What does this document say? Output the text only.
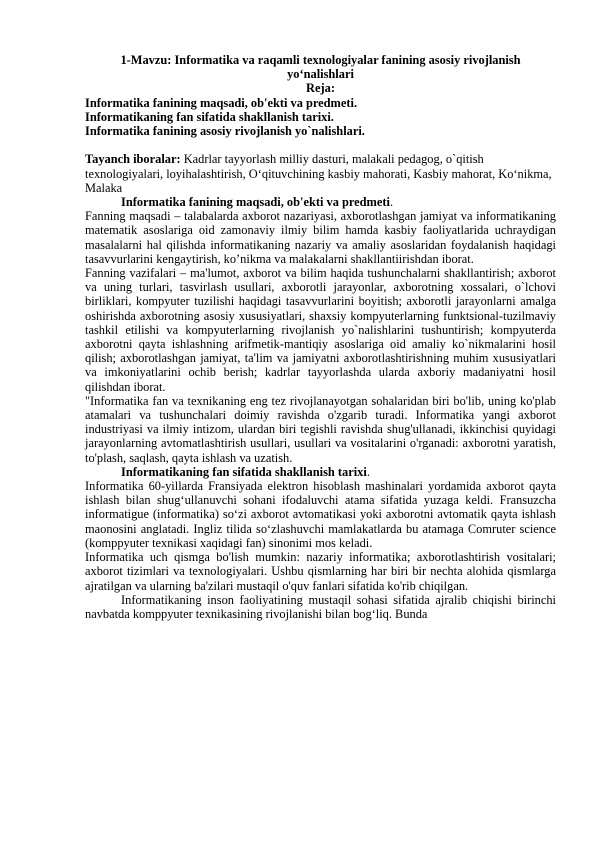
1-Mavzu: Informatika va raqamli texnologiyalar fanining asosiy rivojlanish
yo‘nalishlari
Reja:
Informatika fanining maqsadi, ob'ekti va predmeti.
Informatikaning fan sifatida shakllanish tarixi.
Informatika fanining asosiy rivojlanish yo`nalishlari.

Tayanch iboralar: Kadrlar tayyorlash milliy dasturi, malakali pedagog, o`qitish texnologiyalari, loyihalashtirish, O‘qituvchining kasbiy mahorati, Kasbiy mahorat, Ko‘nikma, Malaka

Informatika fanining maqsadi, ob'ekti va predmeti.

Fanning maqsadi – talabalarda axborot nazariyasi, axborotlashgan jamiyat va informatikaning matematik asoslariga oid zamonaviy ilmiy bilim hamda kasbiy faoliyatlarida uchraydigan masalalarni hal qilishda informatikaning nazariy va amaliy asoslaridan foydalanish haqidagi tasavvurlarini kengaytirish, ko’nikma va malakalarni shakllantiirishdan iborat.

Fanning vazifalari – ma'lumot, axborot va bilim haqida tushunchalarni shakllantirish; axborot va uning turlari, tasvirlash usullari, axborotli jarayonlar, axborotning xossalari, o`lchovi birliklari, kompyuter tuzilishi haqidagi tasavvurlarini boyitish; axborotli jarayonlarni amalga oshirishda axborotning asosiy xususiyatlari, shaxsiy kompyuterlarning funktsional-tuzilmaviy tashkil etilishi va kompyuterlarning rivojlanish yo`nalishlarini tushuntirish; kompyuterda axborotni qayta ishlashning arifmetik-mantiqiy asoslariga oid amaliy ko`nikmalarini hosil qilish; axborotlashgan jamiyat, ta'lim va jamiyatni axborotlashtirishning muhim xususiyatlari va imkoniyatlarini ochib berish; kadrlar tayyorlashda ularda axboriy madaniyatni hosil qilishdan iborat.

"Informatika fan va texnikaning eng tez rivojlanayotgan sohalaridan biri bo'lib, uning ko'plab atamalari va tushunchalari doimiy ravishda o'zgarib turadi. Informatika yangi axborot industriyasi va ilmiy intizom, ulardan biri tegishli ravishda shug'ullanadi, ikkinchisi quyidagi jarayonlarning avtomatlashtirish usullari, usullari va vositalarini o'rganadi: axborotni yaratish, to'plash, saqlash, qayta ishlash va uzatish.

Informatikaning fan sifatida shakllanish tarixi.

Informatika 60-yillarda Fransiyada elektron hisoblash mashinalari yordamida axborot qayta ishlash bilan shug‘ullanuvchi sohani ifodaluvchi atama sifatida yuzaga keldi. Fransuzcha informatigue (informatika) so‘zi axborot avtomatikasi yoki axborotni avtomatik qayta ishlash maonosini anglatadi. Ingliz tilida so‘zlashuvchi mamlakatlarda bu atamaga Comruter science (komppyuter texnikasi xaqidagi fan) sinonimi mos keladi.

Informatika uch qismga bo'lish mumkin: nazariy informatika; axborotlashtirish vositalari; axborot tizimlari va texnologiyalari. Ushbu qismlarning har biri bir nechta alohida qismlarga ajratilgan va ularning ba'zilari mustaqil o'quv fanlari sifatida ko'rib chiqilgan.

Informatikaning inson faoliyatining mustaqil sohasi sifatida ajralib chiqishi birinchi navbatda komppyuter texnikasining rivojlanishi bilan bog‘liq. Bunda
